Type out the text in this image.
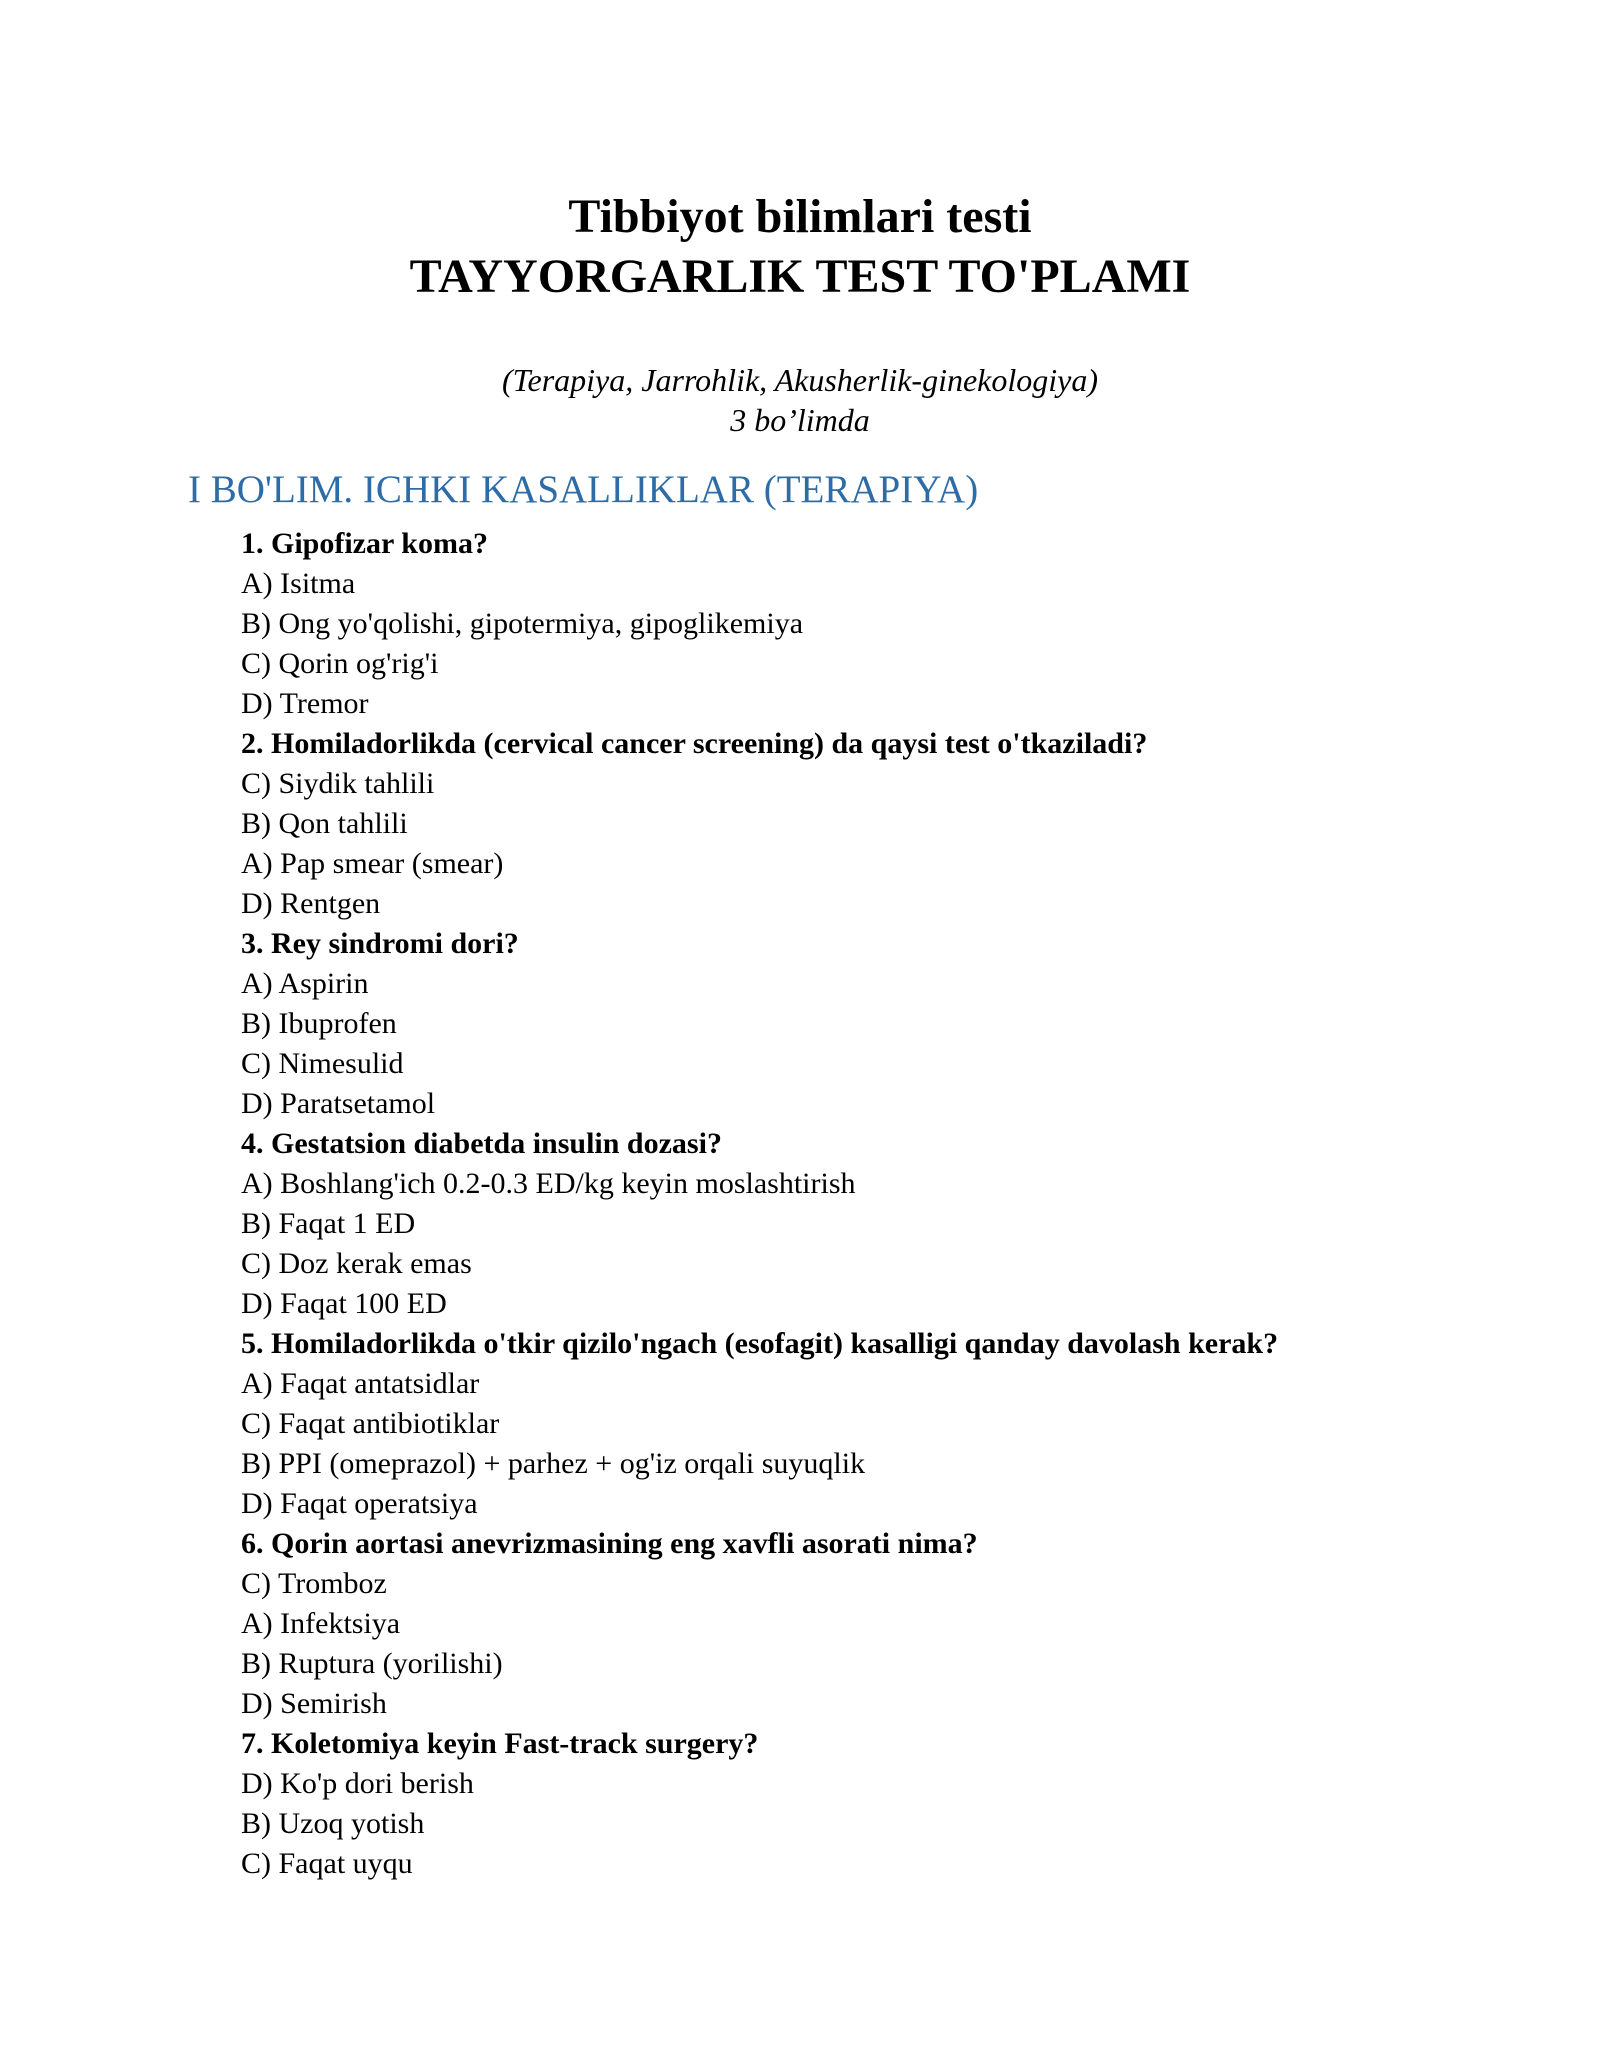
Tibbiyot bilimlari testi
TAYYORGARLIK TEST TO'PLAMI
(Terapiya, Jarrohlik, Akusherlik-ginekologiya)
3 bo’limda
I BO'LIM. ICHKI KASALLIKLAR (TERAPIYA)
1. Gipofizar koma?
A) Isitma
B) Ong yo'qolishi, gipotermiya, gipoglikemiya
C) Qorin og'rig'i
D) Tremor
2. Homiladorlikda (cervical cancer screening) da qaysi test o'tkaziladi?
C) Siydik tahlili
B) Qon tahlili
A) Pap smear (smear)
D) Rentgen
3. Rey sindromi dori?
A) Aspirin
B) Ibuprofen
C) Nimesulid
D) Paratsetamol
4. Gestatsion diabetda insulin dozasi?
A) Boshlang'ich 0.2-0.3 ED/kg keyin moslashtirish
B) Faqat 1 ED
C) Doz kerak emas
D) Faqat 100 ED
5. Homiladorlikda o'tkir qizilo'ngach (esofagit) kasalligi qanday davolash kerak?
A) Faqat antatsidlar
C) Faqat antibiotiklar
B) PPI (omeprazol) + parhez + og'iz orqali suyuqlik
D) Faqat operatsiya
6. Qorin aortasi anevrizmasining eng xavfli asorati nima?
C) Tromboz
A) Infektsiya
B) Ruptura (yorilishi)
D) Semirish
7. Koletomiya keyin Fast-track surgery?
D) Ko'p dori berish
B) Uzoq yotish
C) Faqat uyqu
